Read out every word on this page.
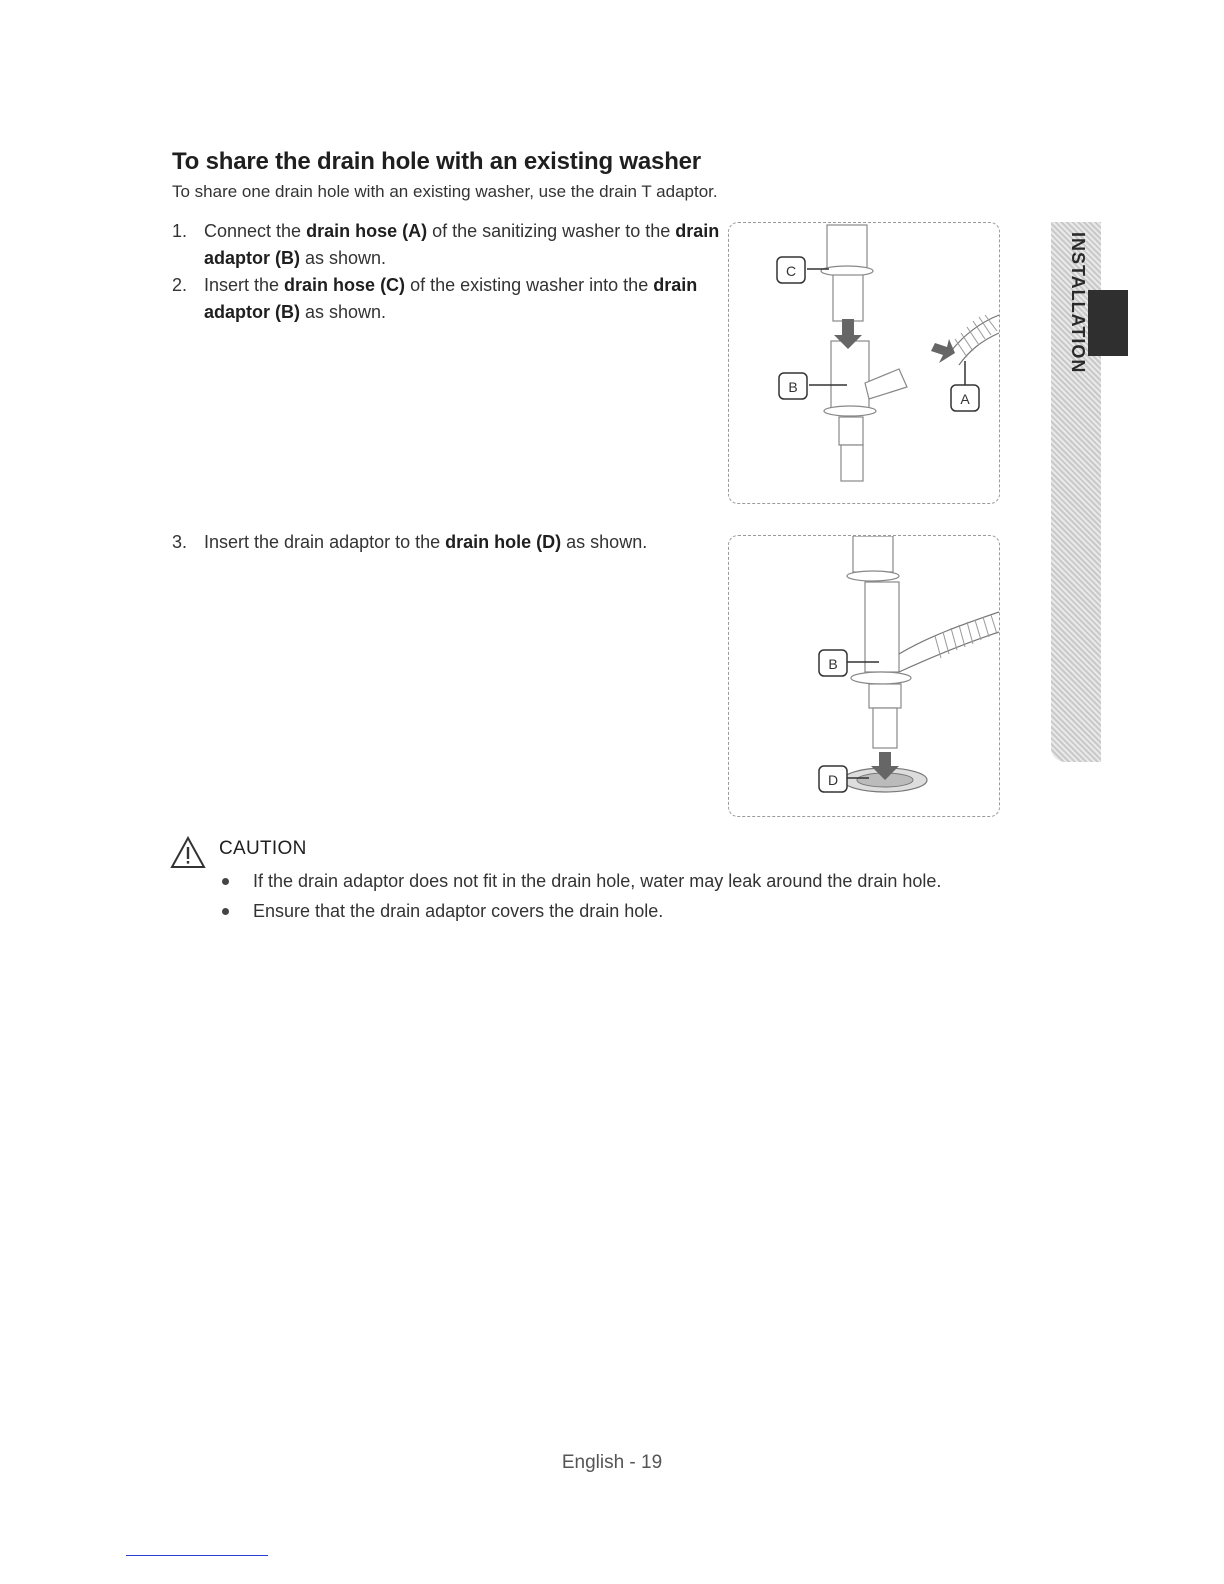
To share the drain hole with an existing washer
To share one drain hole with an existing washer, use the drain T adaptor.

1. Connect the drain hose (A) of the sanitizing washer to the drain adaptor (B) as shown.

2. Insert the drain hose (C) of the existing washer into the drain adaptor (B) as shown.

3. Insert the drain adaptor to the drain hole (D) as shown.

C
B
A
B
D
CAUTION
If the drain adaptor does not fit in the drain hole, water may leak around the drain hole.
Ensure that the drain adaptor covers the drain hole.
INSTALLATION
English - 19
